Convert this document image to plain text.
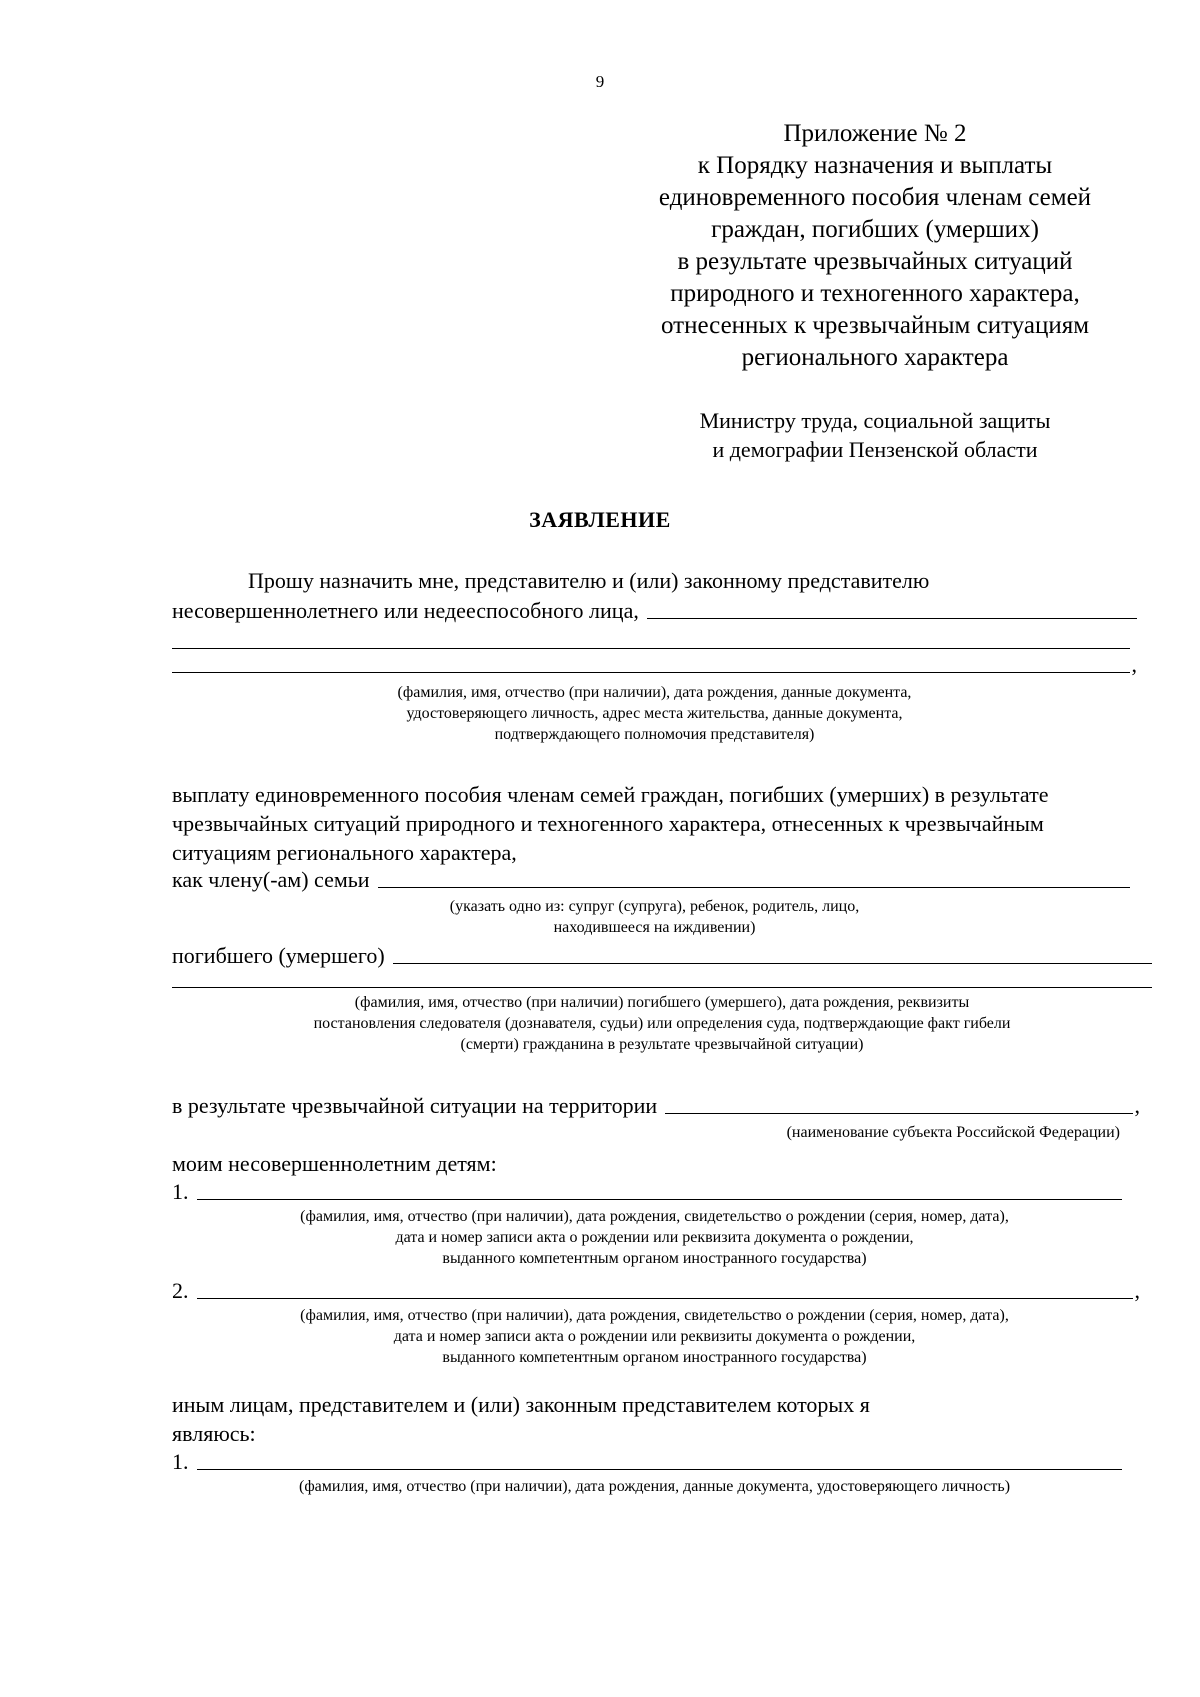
9
Приложение № 2
к Порядку назначения и выплаты
единовременного пособия членам семей
граждан, погибших (умерших)
в результате чрезвычайных ситуаций
природного и техногенного характера,
отнесенных к чрезвычайным ситуациям
регионального характера
Министру труда, социальной защиты
и демографии Пензенской области
ЗАЯВЛЕНИЕ
Прошу назначить мне, представителю и (или) законному представителю
несовершеннолетнего или недееспособного лица,
,
(фамилия, имя, отчество (при наличии), дата рождения, данные документа,
удостоверяющего личность, адрес места жительства, данные документа,
подтверждающего полномочия представителя)
выплату единовременного пособия членам семей граждан, погибших (умерших) в результате
чрезвычайных ситуаций природного и техногенного характера, отнесенных к чрезвычайным
ситуациям регионального характера,
как члену(-ам) семьи
(указать одно из: супруг (супруга), ребенок, родитель, лицо,
находившееся на иждивении)
погибшего (умершего)
(фамилия, имя, отчество (при наличии) погибшего (умершего), дата рождения, реквизиты
постановления следователя (дознавателя, судьи) или определения суда, подтверждающие факт гибели
(смерти) гражданина в результате чрезвычайной ситуации)
в результате чрезвычайной ситуации на территории	,
(наименование субъекта Российской Федерации)
моим несовершеннолетним детям:
1.
(фамилия, имя, отчество (при наличии), дата рождения, свидетельство о рождении (серия, номер, дата),
дата и номер записи акта о рождении или реквизита документа о рождении,
выданного компетентным органом иностранного государства)
2.	,
(фамилия, имя, отчество (при наличии), дата рождения, свидетельство о рождении (серия, номер, дата),
дата и номер записи акта о рождении или реквизиты документа о рождении,
выданного компетентным органом иностранного государства)
иным лицам, представителем и (или) законным представителем которых я
являюсь:
1.
(фамилия, имя, отчество (при наличии), дата рождения, данные документа, удостоверяющего личность)
